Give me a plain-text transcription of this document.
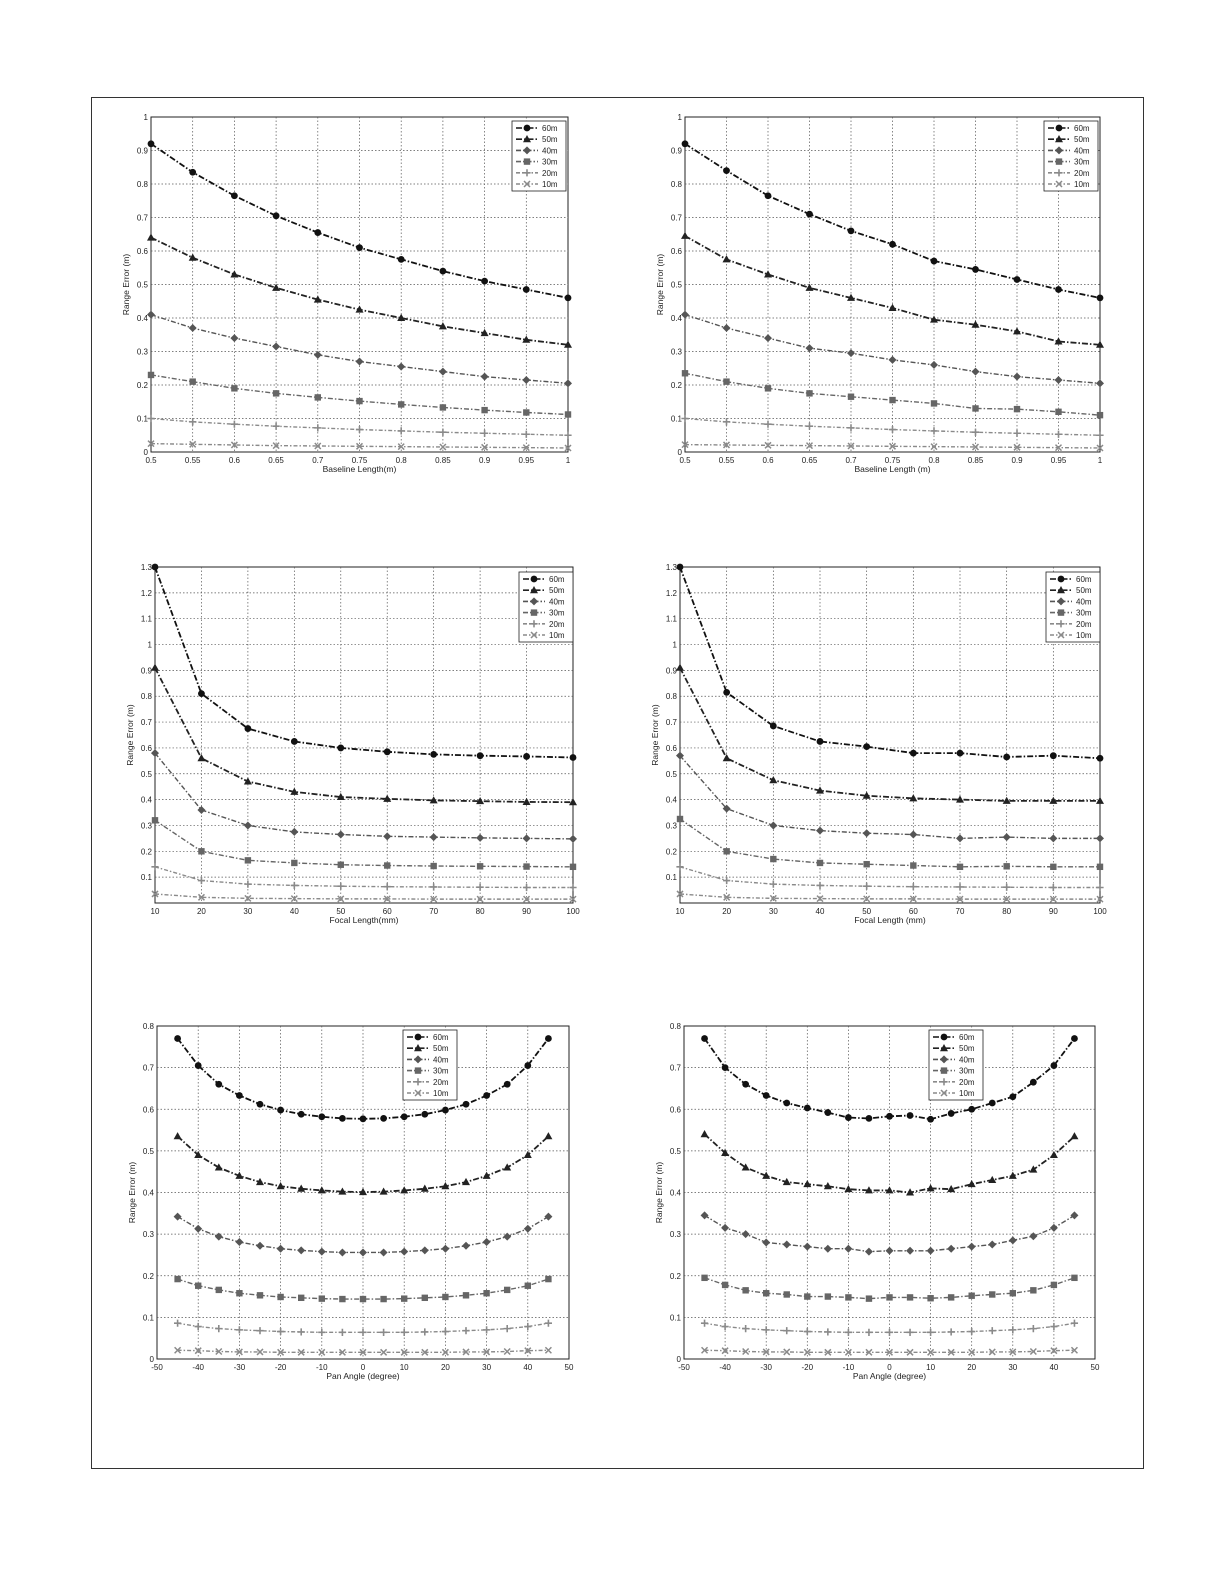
0.5	0.55	0.6	0.65	0.7	0.75	0.8	0.85	0.9	0.95	1
0
0.1
0.2
0.3
0.4
0.5
0.6
0.7
0.8
0.9
1
Baseline Length(m)
Range Error (m)
60m
50m
40m
30m
20m
10m
0.5	0.55	0.6	0.65	0.7	0.75	0.8	0.85	0.9	0.95	1
0
0.1
0.2
0.3
0.4
0.5
0.6
0.7
0.8
0.9
1
Baseline Length (m)
Range Error (m)
60m
50m
40m
30m
20m
10m
10	20	30	40	50	60	70	80	90	100
0.1
0.2
0.3
0.4
0.5
0.6
0.7
0.8
0.9
1
1.1
1.2
1.3
Focal Length(mm)
Range Error (m)
60m
50m
40m
30m
20m
10m
10	20	30	40	50	60	70	80	90	100
0.1
0.2
0.3
0.4
0.5
0.6
0.7
0.8
0.9
1
1.1
1.2
1.3
Focal Length (mm)
Range Error (m)
60m
50m
40m
30m
20m
10m
-50	-40	-30	-20	-10	0	10	20	30	40	50
0
0.1
0.2
0.3
0.4
0.5
0.6
0.7
0.8
Pan Angle (degree)
Range Error (m)
60m
50m
40m
30m
20m
10m
-50	-40	-30	-20	-10	0	10	20	30	40	50
0
0.1
0.2
0.3
0.4
0.5
0.6
0.7
0.8
Pan Angle (degree)
Range Error (m)
60m
50m
40m
30m
20m
10m
